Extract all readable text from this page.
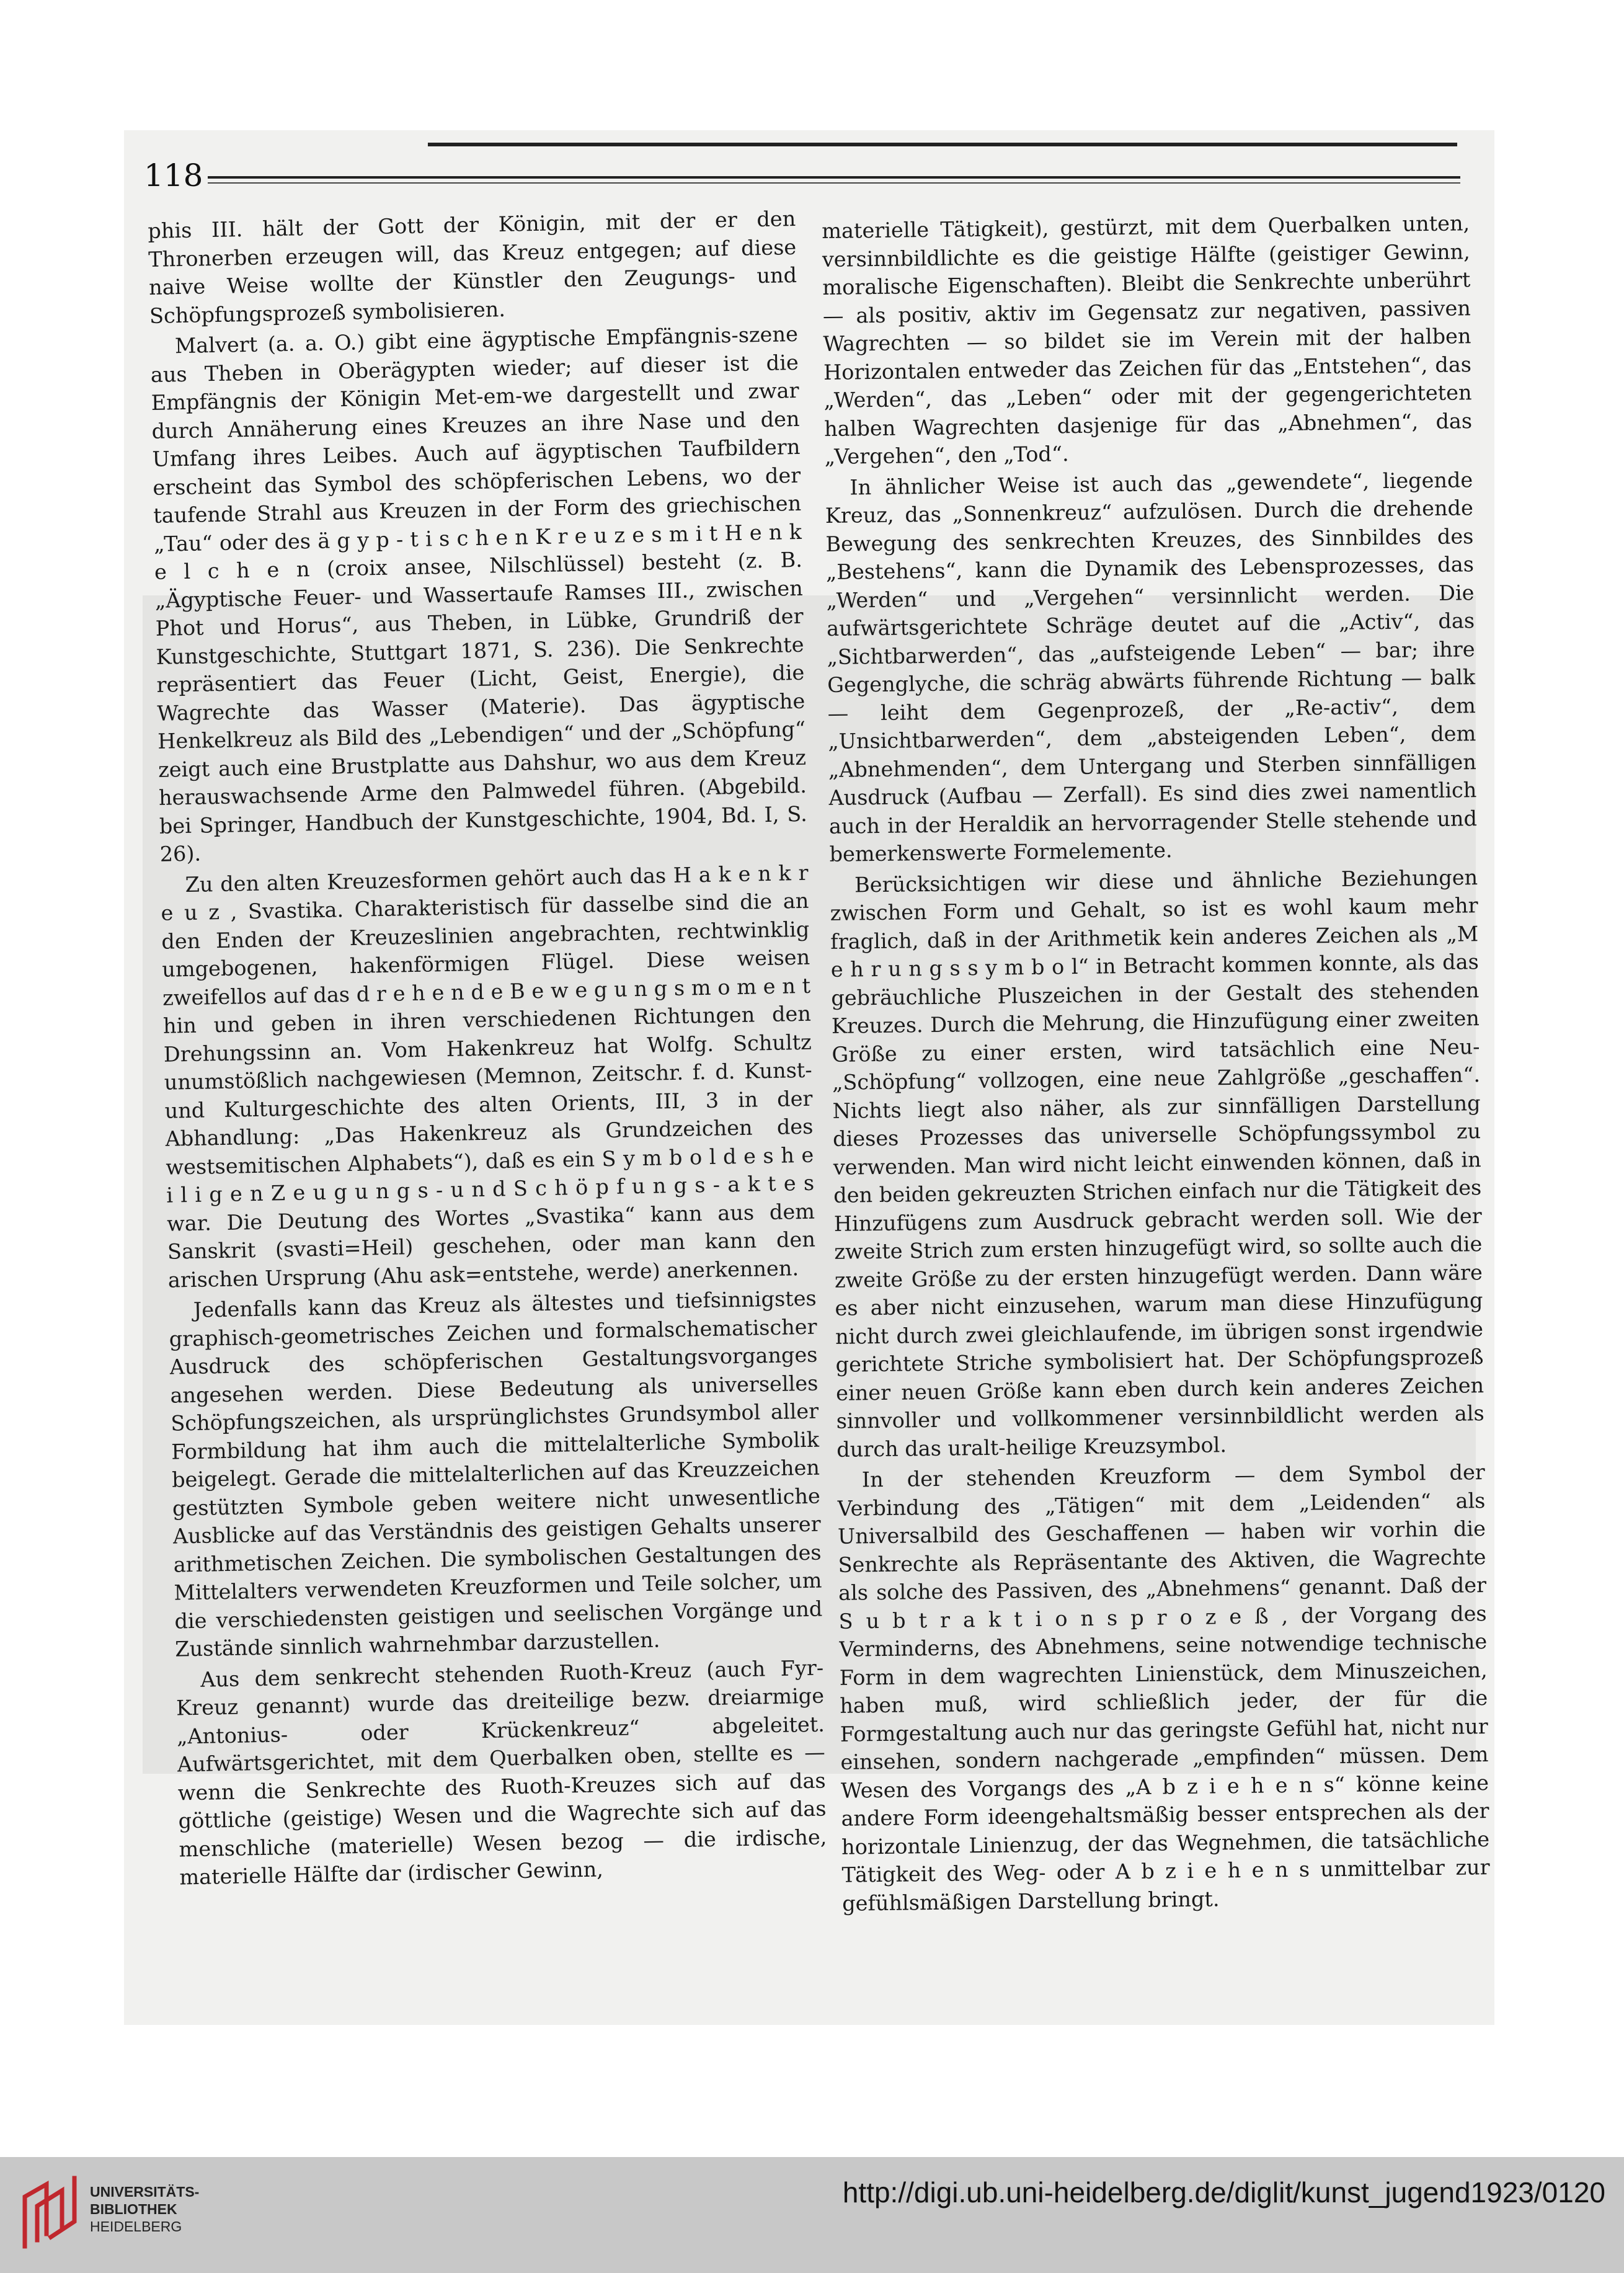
118

phis III. hält der Gott der Königin, mit der er den Thronerben erzeugen will, das Kreuz entgegen; auf diese naive Weise wollte der Künstler den Zeugungs- und Schöpfungsprozeß symbolisieren.

Malvert (a. a. O.) gibt eine ägyptische Empfängnis-szene aus Theben in Oberägypten wieder; auf dieser ist die Empfängnis der Königin Met-em-we dargestellt und zwar durch Annäherung eines Kreuzes an ihre Nase und den Umfang ihres Leibes. Auch auf ägyptischen Taufbildern erscheint das Symbol des schöpferischen Lebens, wo der taufende Strahl aus Kreuzen in der Form des griechischen „Tau“ oder des ä g y p - t i s c h e n K r e u z e s m i t H e n k e l c h e n (croix ansee, Nilschlüssel) besteht (z. B. „Ägyptische Feuer- und Wassertaufe Ramses III., zwischen Phot und Horus“, aus Theben, in Lübke, Grundriß der Kunstgeschichte, Stuttgart 1871, S. 236). Die Senkrechte repräsentiert das Feuer (Licht, Geist, Energie), die Wagrechte das Wasser (Materie). Das ägyptische Henkelkreuz als Bild des „Lebendigen“ und der „Schöpfung“ zeigt auch eine Brustplatte aus Dahshur, wo aus dem Kreuz herauswachsende Arme den Palmwedel führen. (Abgebild. bei Springer, Handbuch der Kunstgeschichte, 1904, Bd. I, S. 26).

Zu den alten Kreuzesformen gehört auch das H a k e n k r e u z , Svastika. Charakteristisch für dasselbe sind die an den Enden der Kreuzeslinien angebrachten, rechtwinklig umgebogenen, hakenförmigen Flügel. Diese weisen zweifellos auf das d r e h e n d e B e w e g u n g s m o m e n t hin und geben in ihren verschiedenen Richtungen den Drehungssinn an. Vom Hakenkreuz hat Wolfg. Schultz unumstößlich nachgewiesen (Memnon, Zeitschr. f. d. Kunst- und Kulturgeschichte des alten Orients, III, 3 in der Abhandlung: „Das Hakenkreuz als Grundzeichen des westsemitischen Alphabets“), daß es ein S y m b o l d e s h e i l i g e n Z e u g u n g s - u n d S c h ö p f u n g s - a k t e s war. Die Deutung des Wortes „Svastika“ kann aus dem Sanskrit (svasti=Heil) geschehen, oder man kann den arischen Ursprung (Ahu ask=entstehe, werde) anerkennen.

Jedenfalls kann das Kreuz als ältestes und tiefsinnigstes graphisch-geometrisches Zeichen und formalschematischer Ausdruck des schöpferischen Gestaltungsvorganges angesehen werden. Diese Bedeutung als universelles Schöpfungszeichen, als ursprünglichstes Grundsymbol aller Formbildung hat ihm auch die mittelalterliche Symbolik beigelegt. Gerade die mittelalterlichen auf das Kreuzzeichen gestützten Symbole geben weitere nicht unwesentliche Ausblicke auf das Verständnis des geistigen Gehalts unserer arithmetischen Zeichen. Die symbolischen Gestaltungen des Mittelalters verwendeten Kreuzformen und Teile solcher, um die verschiedensten geistigen und seelischen Vorgänge und Zustände sinnlich wahrnehmbar darzustellen.

Aus dem senkrecht stehenden Ruoth-Kreuz (auch Fyr-Kreuz genannt) wurde das dreiteilige bezw. dreiarmige „Antonius- oder Krückenkreuz“ abgeleitet. Aufwärtsgerichtet, mit dem Querbalken oben, stellte es — wenn die Senkrechte des Ruoth-Kreuzes sich auf das göttliche (geistige) Wesen und die Wagrechte sich auf das menschliche (materielle) Wesen bezog — die irdische, materielle Hälfte dar (irdischer Gewinn,

materielle Tätigkeit), gestürzt, mit dem Querbalken unten, versinnbildlichte es die geistige Hälfte (geistiger Gewinn, moralische Eigenschaften). Bleibt die Senkrechte unberührt — als positiv, aktiv im Gegensatz zur negativen, passiven Wagrechten — so bildet sie im Verein mit der halben Horizontalen entweder das Zeichen für das „Entstehen“, das „Werden“, das „Leben“ oder mit der gegengerichteten halben Wagrechten dasjenige für das „Abnehmen“, das „Vergehen“, den „Tod“.

In ähnlicher Weise ist auch das „gewendete“, liegende Kreuz, das „Sonnenkreuz“ aufzulösen. Durch die drehende Bewegung des senkrechten Kreuzes, des Sinnbildes des „Bestehens“, kann die Dynamik des Lebensprozesses, das „Werden“ und „Vergehen“ versinnlicht werden. Die aufwärtsgerichtete Schräge deutet auf die „Activ“, das „Sichtbarwerden“, das „aufsteigende Leben“ — bar; ihre Gegenglyche, die schräg abwärts führende Richtung — balk — leiht dem Gegenprozeß, der „Re-activ“, dem „Unsichtbarwerden“, dem „absteigenden Leben“, dem „Abnehmenden“, dem Untergang und Sterben sinnfälligen Ausdruck (Aufbau — Zerfall). Es sind dies zwei namentlich auch in der Heraldik an hervorragender Stelle stehende und bemerkenswerte Formelemente.

Berücksichtigen wir diese und ähnliche Beziehungen zwischen Form und Gehalt, so ist es wohl kaum mehr fraglich, daß in der Arithmetik kein anderes Zeichen als „M e h r u n g s s y m b o l“ in Betracht kommen konnte, als das gebräuchliche Pluszeichen in der Gestalt des stehenden Kreuzes. Durch die Mehrung, die Hinzufügung einer zweiten Größe zu einer ersten, wird tatsächlich eine Neu-„Schöpfung“ vollzogen, eine neue Zahlgröße „geschaffen“. Nichts liegt also näher, als zur sinnfälligen Darstellung dieses Prozesses das universelle Schöpfungssymbol zu verwenden. Man wird nicht leicht einwenden können, daß in den beiden gekreuzten Strichen einfach nur die Tätigkeit des Hinzufügens zum Ausdruck gebracht werden soll. Wie der zweite Strich zum ersten hinzugefügt wird, so sollte auch die zweite Größe zu der ersten hinzugefügt werden. Dann wäre es aber nicht einzusehen, warum man diese Hinzufügung nicht durch zwei gleichlaufende, im übrigen sonst irgendwie gerichtete Striche symbolisiert hat. Der Schöpfungsprozeß einer neuen Größe kann eben durch kein anderes Zeichen sinnvoller und vollkommener versinnbildlicht werden als durch das uralt-heilige Kreuzsymbol.

In der stehenden Kreuzform — dem Symbol der Verbindung des „Tätigen“ mit dem „Leidenden“ als Universalbild des Geschaffenen — haben wir vorhin die Senkrechte als Repräsentante des Aktiven, die Wagrechte als solche des Passiven, des „Abnehmens“ genannt. Daß der S u b t r a k t i o n s p r o z e ß , der Vorgang des Verminderns, des Abnehmens, seine notwendige technische Form in dem wagrechten Linienstück, dem Minuszeichen, haben muß, wird schließlich jeder, der für die Formgestaltung auch nur das geringste Gefühl hat, nicht nur einsehen, sondern nachgerade „empfinden“ müssen. Dem Wesen des Vorgangs des „A b z i e h e n s“ könne keine andere Form ideengehaltsmäßig besser entsprechen als der horizontale Linienzug, der das Wegnehmen, die tatsächliche Tätigkeit des Weg- oder A b z i e h e n s unmittelbar zur gefühlsmäßigen Darstellung bringt.

UNIVERSITÄTS-
BIBLIOTHEK
HEIDELBERG
http://digi.ub.uni-heidelberg.de/diglit/kunst_jugend1923/0120
